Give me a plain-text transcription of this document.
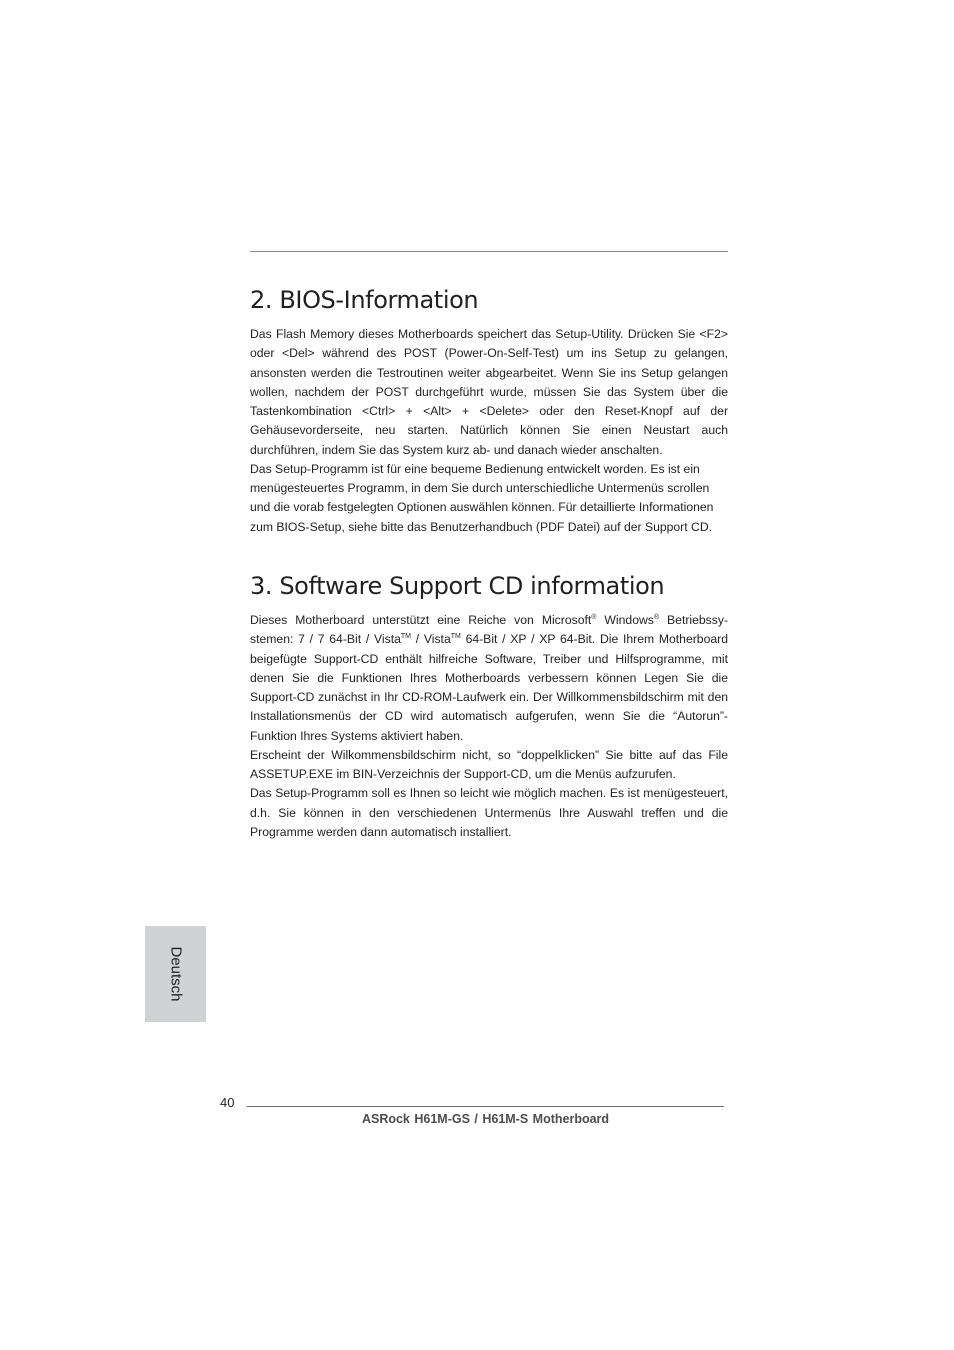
2. BIOS-Information

Das Flash Memory dieses Motherboards speichert das Setup-Utility. Drücken Sie <F2> oder <Del> während des POST (Power-On-Self-Test) um ins Setup zu gelangen, ansonsten werden die Testroutinen weiter abgearbeitet. Wenn Sie ins Setup gelangen wollen, nachdem der POST durchgeführt wurde, müssen Sie das System über die Tastenkombination <Ctrl> + <Alt> + <Delete> oder den Reset-Knopf auf der Gehäusevorderseite, neu starten. Natürlich können Sie einen Neustart auch durchführen, indem Sie das System kurz ab- und danach wieder anschalten.

Das Setup-Programm ist für eine bequeme Bedienung entwickelt worden. Es ist ein menügesteuertes Programm, in dem Sie durch unterschiedliche Untermenüs scrollen und die vorab festgelegten Optionen auswählen können. Für detaillierte Informationen zum BIOS-Setup, siehe bitte das Benutzerhandbuch (PDF Datei) auf der Support CD.

3. Software Support CD information

Dieses Motherboard unterstützt eine Reiche von Microsoft® Windows® Betriebssystemen: 7 / 7 64-Bit / Vista™ / Vista™ 64-Bit / XP / XP 64-Bit. Die Ihrem Motherboard beigefügte Support-CD enthält hilfreiche Software, Treiber und Hilfsprogramme, mit denen Sie die Funktionen Ihres Motherboards verbessern können Legen Sie die Support-CD zunächst in Ihr CD-ROM-Laufwerk ein. Der Willkommensbildschirm mit den Installationsmenüs der CD wird automatisch aufgerufen, wenn Sie die “Autorun”-Funktion Ihres Systems aktiviert haben.

Erscheint der Wilkommensbildschirm nicht, so “doppelklicken” Sie bitte auf das File ASSETUP.EXE im BIN-Verzeichnis der Support-CD, um die Menüs aufzurufen.

Das Setup-Programm soll es Ihnen so leicht wie möglich machen. Es ist menügesteuert, d.h. Sie können in den verschiedenen Untermenüs Ihre Auswahl treffen und die Programme werden dann automatisch installiert.

Deutsch
40
ASRock H61M-GS / H61M-S Motherboard
